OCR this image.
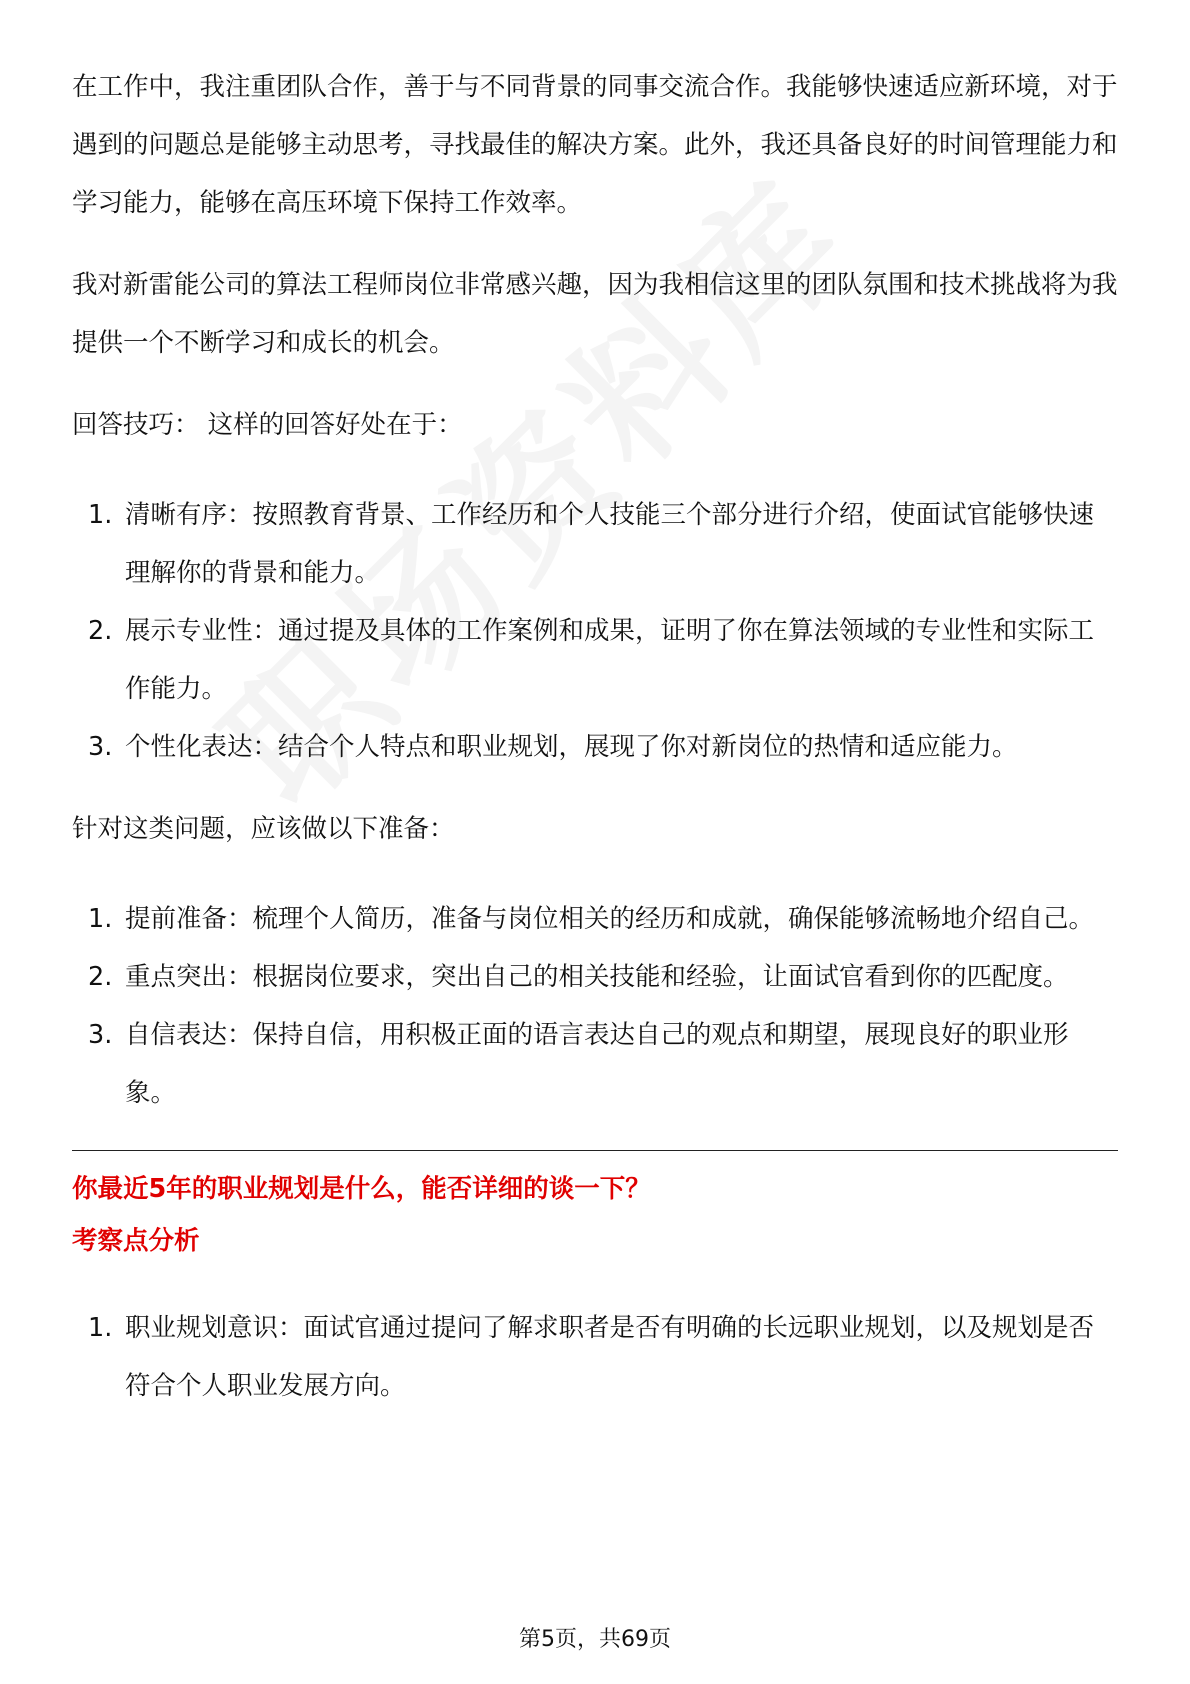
在工作中，我注重团队合作，善于与不同背景的同事交流合作。我能够快速适应新环境，对于遇到的问题总是能够主动思考，寻找最佳的解决方案。此外，我还具备良好的时间管理能力和学习能力，能够在高压环境下保持工作效率。

我对新雷能公司的算法工程师岗位非常感兴趣，因为我相信这里的团队氛围和技术挑战将为我提供一个不断学习和成长的机会。

回答技巧： 这样的回答好处在于：

1. 清晰有序：按照教育背景、工作经历和个人技能三个部分进行介绍，使面试官能够快速理解你的背景和能力。
2. 展示专业性：通过提及具体的工作案例和成果，证明了你在算法领域的专业性和实际工作能力。
3. 个性化表达：结合个人特点和职业规划，展现了你对新岗位的热情和适应能力。

针对这类问题，应该做以下准备：

1. 提前准备：梳理个人简历，准备与岗位相关的经历和成就，确保能够流畅地介绍自己。
2. 重点突出：根据岗位要求，突出自己的相关技能和经验，让面试官看到你的匹配度。
3. 自信表达：保持自信，用积极正面的语言表达自己的观点和期望，展现良好的职业形象。
你最近5年的职业规划是什么，能否详细的谈一下？
考察点分析
1. 职业规划意识：面试官通过提问了解求职者是否有明确的长远职业规划，以及规划是否符合个人职业发展方向。
第5页，共69页
